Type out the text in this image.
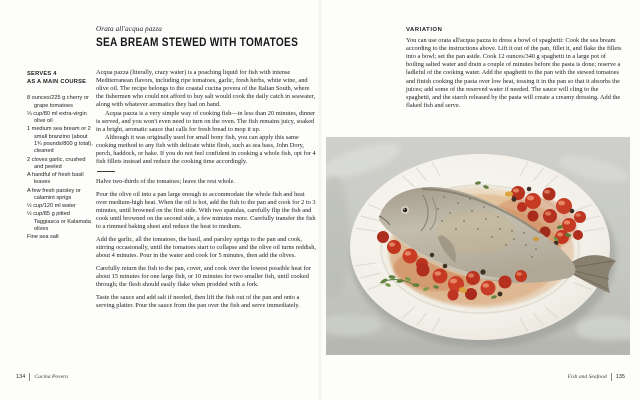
Orata all'acqua pazza
SEA BREAM STEWED WITH TOMATOES
SERVES 4
AS A MAIN COURSE
8 ounces/225 g cherry or grape tomatoes
⅓ cup/80 ml extra-virgin olive oil
1 medium sea bream or 2 small branzino (about 1¾ pounds/800 g total), cleaned
2 cloves garlic, crushed and peeled
A handful of fresh basil leaves
A few fresh parsley or calamint sprigs
½ cup/120 ml water
½ cup/85 g pitted Taggiasca or Kalamata olives
Fine sea salt

Acqua pazza (literally, crazy water) is a poaching liquid for fish with intense Mediterranean flavors, including ripe tomatoes, garlic, fresh herbs, white wine, and olive oil. The recipe belongs to the coastal cucina povera of the Italian South, where the fishermen who could not afford to buy salt would cook the daily catch in seawater, along with whatever aromatics they had on hand.

Acqua pazza is a very simple way of cooking fish—in less than 20 minutes, dinner is served, and you won't even need to turn on the oven. The fish remains juicy, soaked in a bright, aromatic sauce that calls for fresh bread to mop it up.

Although it was originally used for small bony fish, you can apply this same cooking method to any fish with delicate white flesh, such as sea bass, John Dory, perch, haddock, or hake. If you do not feel confident in cooking a whole fish, opt for 4 fish fillets instead and reduce the cooking time accordingly.

Halve two-thirds of the tomatoes; leave the rest whole.

Pour the olive oil into a pan large enough to accommodate the whole fish and heat over medium-high heat. When the oil is hot, add the fish to the pan and cook for 2 to 3 minutes, until browned on the first side. With two spatulas, carefully flip the fish and cook until browned on the second side, a few minutes more. Carefully transfer the fish to a rimmed baking sheet and reduce the heat to medium.

Add the garlic, all the tomatoes, the basil, and parsley sprigs to the pan and cook, stirring occasionally, until the tomatoes start to collapse and the olive oil turns reddish, about 4 minutes. Pour in the water and cook for 5 minutes, then add the olives.

Carefully return the fish to the pan, cover, and cook over the lowest possible heat for about 15 minutes for one large fish, or 10 minutes for two smaller fish, until cooked through; the flesh should easily flake when prodded with a fork.

Taste the sauce and add salt if needed, then lift the fish out of the pan and onto a serving platter. Pour the sauce from the pan over the fish and serve immediately.

134 Cucina Povera
VARIATION

You can use orata all'acqua pazza to dress a bowl of spaghetti: Cook the sea bream according to the instructions above. Lift it out of the pan, fillet it, and flake the fillets into a bowl; set the pan aside. Cook 12 ounces/340 g spaghetti in a large pot of boiling salted water and drain a couple of minutes before the pasta is done; reserve a ladleful of the cooking water. Add the spaghetti to the pan with the stewed tomatoes and finish cooking the pasta over low heat, tossing it in the pan so that it absorbs the juices; add some of the reserved water if needed. The sauce will cling to the spaghetti, and the starch released by the pasta will create a creamy dressing. Add the flaked fish and serve.

Fish and Seafood 135
